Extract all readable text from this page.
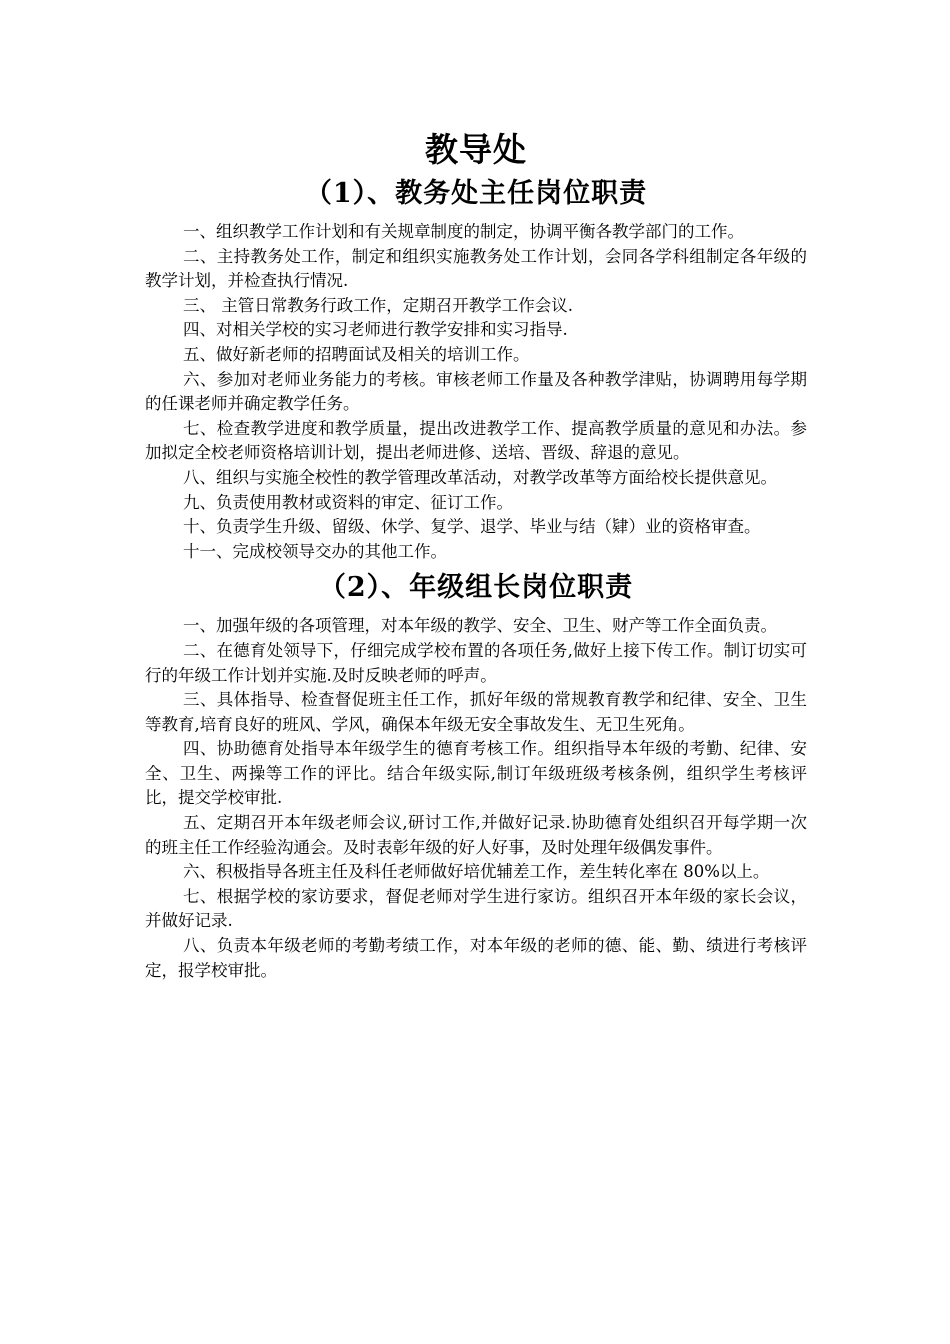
教导处
（1）、教务处主任岗位职责

一、组织教学工作计划和有关规章制度的制定，协调平衡各教学部门的工作。

二、主持教务处工作，制定和组织实施教务处工作计划，会同各学科组制定各年级的教学计划，并检查执行情况.

三、 主管日常教务行政工作，定期召开教学工作会议.

四、对相关学校的实习老师进行教学安排和实习指导.

五、做好新老师的招聘面试及相关的培训工作。

六、参加对老师业务能力的考核。审核老师工作量及各种教学津贴，协调聘用每学期的任课老师并确定教学任务。

七、检查教学进度和教学质量，提出改进教学工作、提高教学质量的意见和办法。参加拟定全校老师资格培训计划，提出老师进修、送培、晋级、辞退的意见。

八、组织与实施全校性的教学管理改革活动，对教学改革等方面给校长提供意见。

九、负责使用教材或资料的审定、征订工作。

十、负责学生升级、留级、休学、复学、退学、毕业与结（肄）业的资格审查。

十一、完成校领导交办的其他工作。

（2）、年级组长岗位职责

一、加强年级的各项管理，对本年级的教学、安全、卫生、财产等工作全面负责。

二、在德育处领导下，仔细完成学校布置的各项任务,做好上接下传工作。制订切实可行的年级工作计划并实施.及时反映老师的呼声。

三、具体指导、检查督促班主任工作，抓好年级的常规教育教学和纪律、安全、卫生等教育,培育良好的班风、学风，确保本年级无安全事故发生、无卫生死角。

四、协助德育处指导本年级学生的德育考核工作。组织指导本年级的考勤、纪律、安全、卫生、两操等工作的评比。结合年级实际,制订年级班级考核条例，组织学生考核评比，提交学校审批.

五、定期召开本年级老师会议,研讨工作,并做好记录.协助德育处组织召开每学期一次的班主任工作经验沟通会。及时表彰年级的好人好事，及时处理年级偶发事件。

六、积极指导各班主任及科任老师做好培优辅差工作，差生转化率在 80%以上。

七、根据学校的家访要求，督促老师对学生进行家访。组织召开本年级的家长会议，并做好记录.

八、负责本年级老师的考勤考绩工作，对本年级的老师的德、能、勤、绩进行考核评定，报学校审批。
